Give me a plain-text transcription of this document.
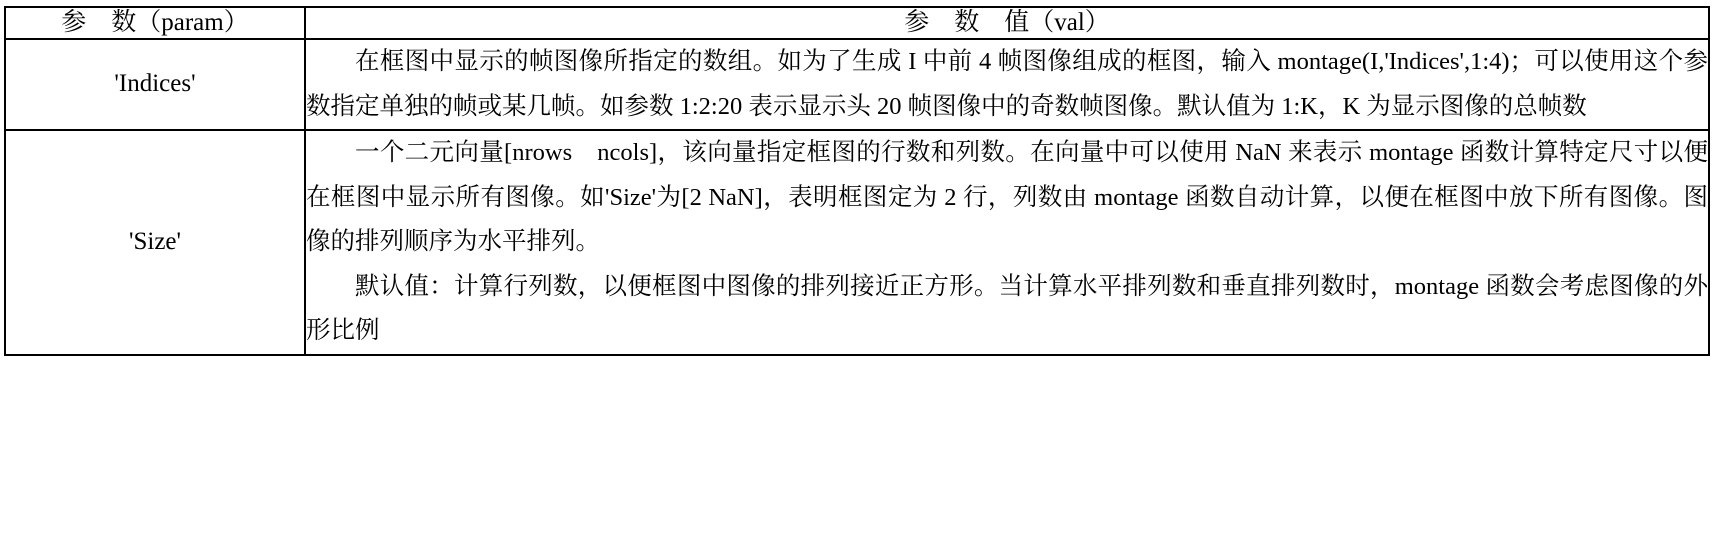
参　数（param）	参　数　值（val）
'Indices'	在框图中显示的帧图像所指定的数组。如为了生成 I 中前 4 帧图像组成的框图，输入 montage(I,'Indices',1:4)；可以使用这个参数指定单独的帧或某几帧。如参数 1:2:20 表示显示头 20 帧图像中的奇数帧图像。默认值为 1:K，K 为显示图像的总帧数

'Size'	一个二元向量[nrows　ncols]，该向量指定框图的行数和列数。在向量中可以使用 NaN 来表示 montage 函数计算特定尺寸以便在框图中显示所有图像。如'Size'为[2 NaN]，表明框图定为 2 行，列数由 montage 函数自动计算，以便在框图中放下所有图像。图像的排列顺序为水平排列。

默认值：计算行列数，以便框图中图像的排列接近正方形。当计算水平排列数和垂直排列数时，montage 函数会考虑图像的外形比例
